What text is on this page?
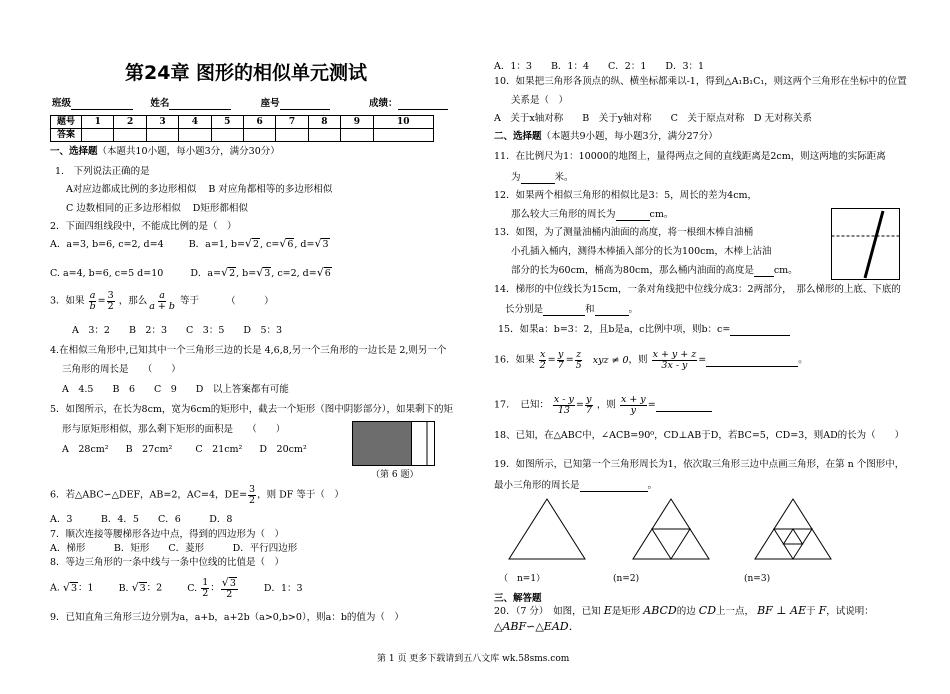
第24章 图形的相似单元测试
班级	姓名	座号	成绩：
题号	1	2	3	4	5	6	7	8	9	10
答案										
一、选择题（本题共10小题，每小题3分，满分30分）
1.　下列说法正确的是
A对应边都成比例的多边形相似 B 对应角都相等的多边形相似
C 边数相同的正多边形相似 D矩形都相似
2．下面四组线段中，不能成比例的是（　）
A．a=3, b=6, c=2, d=4	B．a=1, b=√2, c=√6, d=√3
C. a=4, b=6, c=5 d=10	D．a=√2, b=√3, c=2, d=√6
3．如果 $\frac{a}{b} = \frac{3}{2}$ ，那么 $\frac{a}{a + b}$ 等于	（　　　）
A　3：2　　B　2：3　　C　3：5　　D　5：3
4.在相似三角形中,已知其中一个三角形三边的长是 4,6,8,另一个三角形的一边长是 2,则另一个
三角形的周长是　　（　　）
A　4.5　　B　6　　C　9　　D　以上答案都有可能
5．如图所示，在长为8cm，宽为6cm的矩形中，截去一个矩形（图中阴影部分），如果剩下的矩
形与原矩形相似，那么剩下矩形的面积是　　（　　）
A　28cm² B　27cm² C　21cm² D　20cm²
（第 6 题）
6．若△ABC∽△DEF，AB=2，AC=4，$DE= \frac{3}{2}$ ，则 DF 等于（　）
A．3　　　B．4．5　　C．6　　　D．8
7．顺次连接等腰梯形各边中点，得到的四边形为（　）
A．梯形　　　B．矩形　　C．菱形　　　D．平行四边形
8．等边三角形的一条中线与一条中位线的比值是（　）
A. √3：1	B. √3：2	C. $\frac{1}{2}$ ： $\frac{√3}{2}$	D．1：3
9．已知直角三角形三边分别为a，a+b，a+2b（a>0,b>0），则a：b的值为（　）
A．1：3　　B．1：4　　C．2：1　　D．3：1
10．如果把三角形各顶点的纵、横坐标都乘以-1，得到△A₁B₁C₁，则这两个三角形在坐标中的位置
关系是（　）
A　关于x轴对称　　B　关于y轴对称　　C　关于原点对称　D 无对称关系
二、选择题（本题共9小题，每小题3分，满分27分）
11．在比例尺为1：10000的地图上，量得两点之间的直线距离是2cm，则这两地的实际距离
为	米。
12．如果两个相似三角形的相似比是3：5，周长的差为4cm，
那么较大三角形的周长为	cm。
13．如图，为了测量油桶内油面的高度，将一根细木棒自油桶
小孔插入桶内，测得木棒插入部分的长为100cm，木棒上沾油
部分的长为60cm，桶高为80cm，那么桶内油面的高度是 cm。
14．梯形的中位线长为15cm，一条对角线把中位线分成3：2两部分，　那么梯形的上底、下底的
长分别是	和	。
15．如果a：b=3：2，且b是a，c比例中项，则b：c=
16．如果 $\frac{x}{2} = \frac{y}{7} = \frac{z}{5}$ xyz ≠ 0，则 $\frac{x + y + z}{3x - y}$ =	。
17．　已知： $\frac{x - y}{13} = \frac{y}{7}$ ，则 $\frac{x + y}{y}$ =
18、已知，在△ABC中，∠ACB=90⁰，CD⊥AB于D，若BC=5，CD=3，则AD的长为（　　）
19．如图所示，已知第一个三角形周长为1，依次取三角形三边中点画三角形，在第 n 个图形中，
最小三角形的周长是	。
（　n=1）	(n=2)	(n=3)
三、解答题
20．（7 分）　如图，已知 E是矩形 ABCD的边 CD上一点， BF ⊥ AE于 F，试说明：
△ABF∽△EAD．
第 1 页 更多下载请到五八文库 wk.58sms.com
